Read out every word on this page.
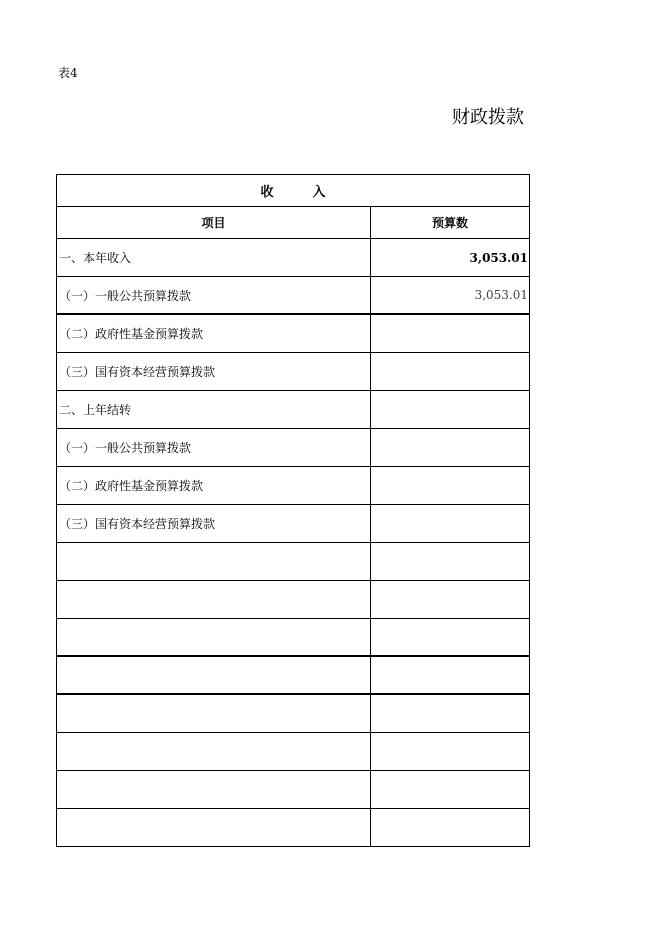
表4
财政拨款
收　　　入
项目	预算数
一、本年收入	3,053.01
（一）一般公共预算拨款	3,053.01
（二）政府性基金预算拨款
（三）国有资本经营预算拨款
二、上年结转
（一）一般公共预算拨款
（二）政府性基金预算拨款
（三）国有资本经营预算拨款
